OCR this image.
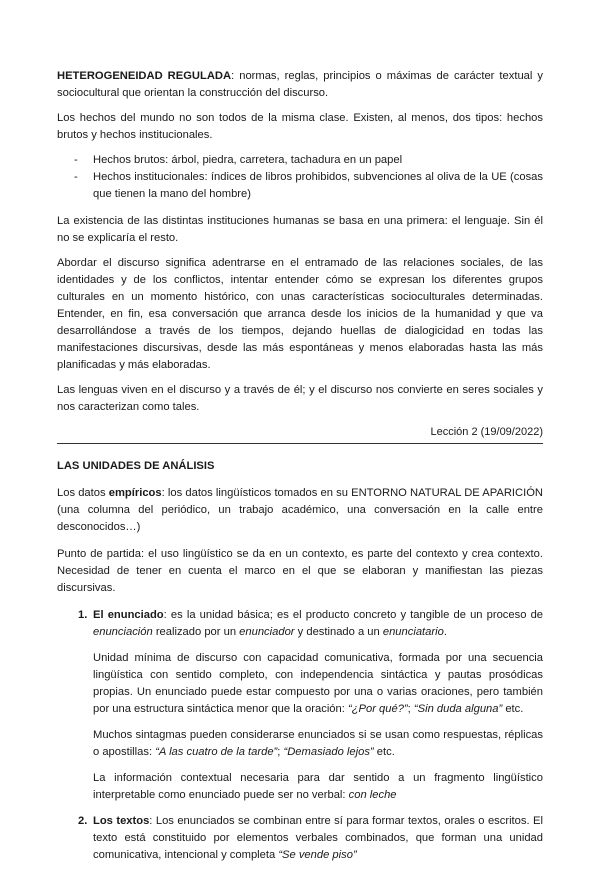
HETEROGENEIDAD REGULADA: normas, reglas, principios o máximas de carácter textual y sociocultural que orientan la construcción del discurso.

Los hechos del mundo no son todos de la misma clase. Existen, al menos, dos tipos: hechos brutos y hechos institucionales.

- Hechos brutos: árbol, piedra, carretera, tachadura en un papel
- Hechos institucionales: índices de libros prohibidos, subvenciones al oliva de la UE (cosas que tienen la mano del hombre)

La existencia de las distintas instituciones humanas se basa en una primera: el lenguaje. Sin él no se explicaría el resto.

Abordar el discurso significa adentrarse en el entramado de las relaciones sociales, de las identidades y de los conflictos, intentar entender cómo se expresan los diferentes grupos culturales en un momento histórico, con unas características socioculturales determinadas. Entender, en fin, esa conversación que arranca desde los inicios de la humanidad y que va desarrollándose a través de los tiempos, dejando huellas de dialogicidad en todas las manifestaciones discursivas, desde las más espontáneas y menos elaboradas hasta las más planificadas y más elaboradas.

Las lenguas viven en el discurso y a través de él; y el discurso nos convierte en seres sociales y nos caracterizan como tales.

Lección 2 (19/09/2022)
LAS UNIDADES DE ANÁLISIS

Los datos empíricos: los datos lingüísticos tomados en su ENTORNO NATURAL DE APARICIÓN (una columna del periódico, un trabajo académico, una conversación en la calle entre desconocidos…)

Punto de partida: el uso lingüístico se da en un contexto, es parte del contexto y crea contexto. Necesidad de tener en cuenta el marco en el que se elaboran y manifiestan las piezas discursivas.

1. El enunciado: es la unidad básica; es el producto concreto y tangible de un proceso de enunciación realizado por un enunciador y destinado a un enunciatario.

Unidad mínima de discurso con capacidad comunicativa, formada por una secuencia lingüística con sentido completo, con independencia sintáctica y pautas prosódicas propias. Un enunciado puede estar compuesto por una o varias oraciones, pero también por una estructura sintáctica menor que la oración: “¿Por qué?”; “Sin duda alguna” etc.

Muchos sintagmas pueden considerarse enunciados si se usan como respuestas, réplicas o apostillas: “A las cuatro de la tarde”; “Demasiado lejos” etc.

La información contextual necesaria para dar sentido a un fragmento lingüístico interpretable como enunciado puede ser no verbal: con leche

2. Los textos: Los enunciados se combinan entre sí para formar textos, orales o escritos. El texto está constituido por elementos verbales combinados, que forman una unidad comunicativa, intencional y completa “Se vende piso”
